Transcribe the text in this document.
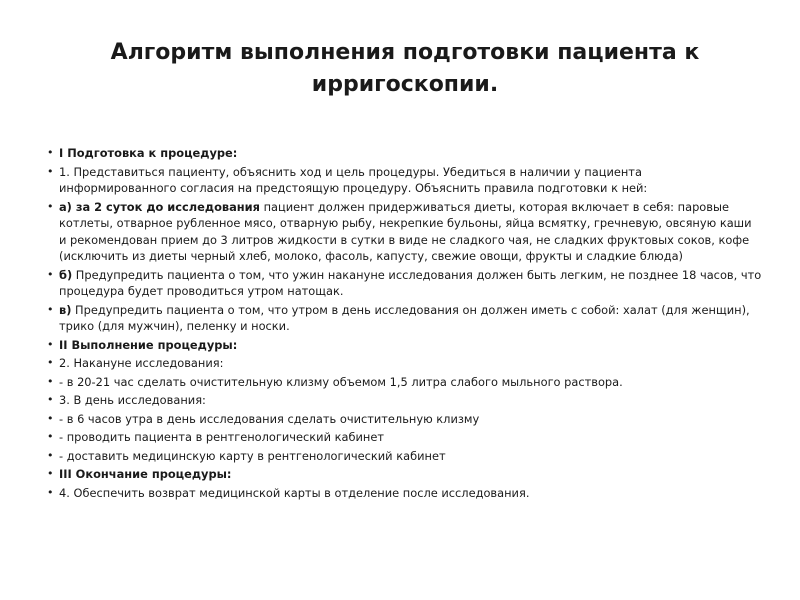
Алгоритм выполнения подготовки пациента к ирригоскопии.
• I Подготовка к процедуре:
• 1. Представиться пациенту, объяснить ход и цель процедуры. Убедиться в наличии у пациента информированного согласия на предстоящую процедуру. Объяснить правила подготовки к ней:
• а) за 2 суток до исследования пациент должен придерживаться диеты, которая включает в себя: паровые котлеты, отварное рубленное мясо, отварную рыбу, некрепкие бульоны, яйца всмятку, гречневую, овсяную каши и рекомендован прием до 3 литров жидкости в сутки в виде не сладкого чая, не сладких фруктовых соков, кофе (исключить из диеты черный хлеб, молоко, фасоль, капусту, свежие овощи, фрукты и сладкие блюда)
• б) Предупредить пациента о том, что ужин накануне исследования должен быть легким, не позднее 18 часов, что процедура будет проводиться утром натощак.
• в) Предупредить пациента о том, что утром в день исследования он должен иметь с собой: халат (для женщин), трико (для мужчин), пеленку и носки.
• II Выполнение процедуры:
• 2. Накануне исследования:
• - в 20-21 час сделать очистительную клизму объемом 1,5 литра слабого мыльного раствора.
• 3. В день исследования:
• - в 6 часов утра в день исследования сделать очистительную клизму
• - проводить пациента в рентгенологический кабинет
• - доставить медицинскую карту в рентгенологический кабинет
• III Окончание процедуры:
• 4. Обеспечить возврат медицинской карты в отделение после исследования.
